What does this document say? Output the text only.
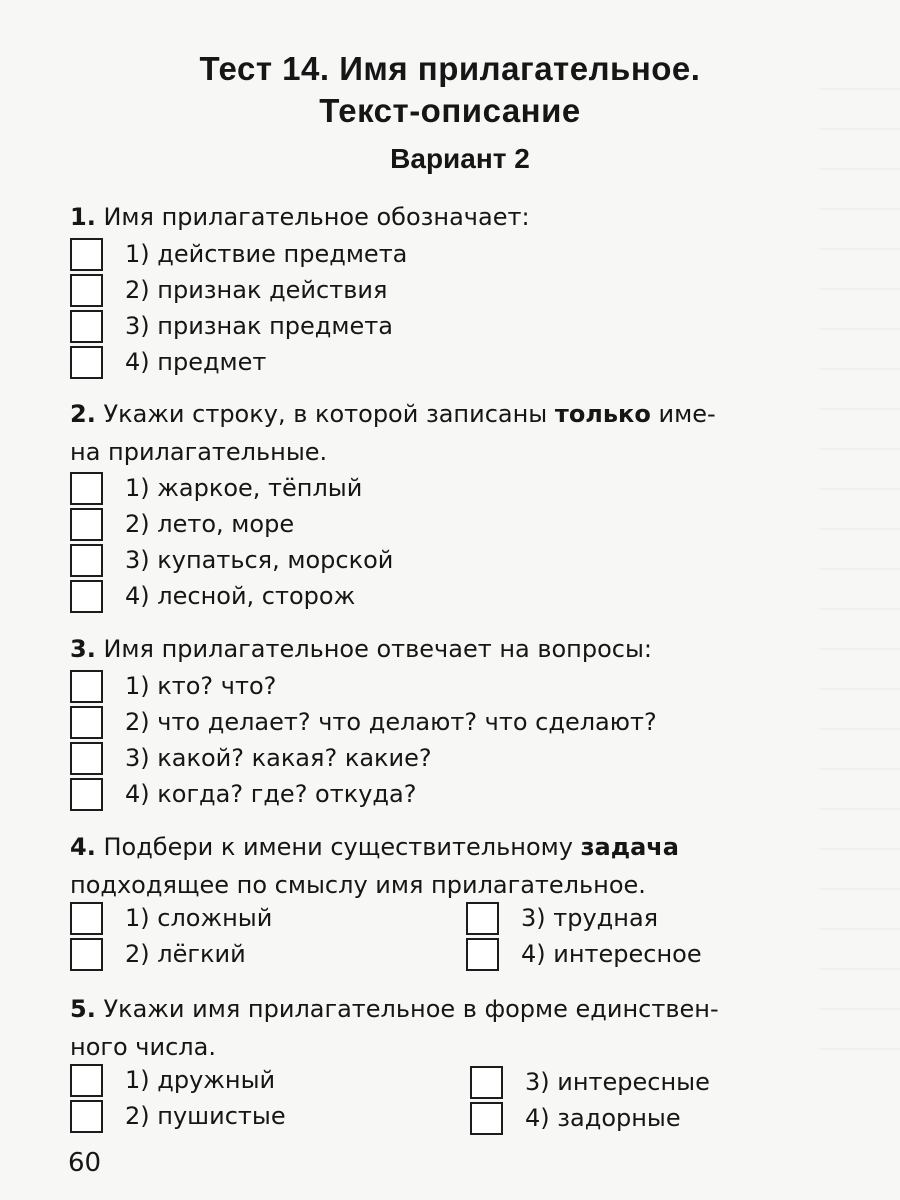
Тест 14. Имя прилагательное.
Текст-описание
Вариант 2
1. Имя прилагательное обозначает:
1) действие предмета
2) признак действия
3) признак предмета
4) предмет
2. Укажи строку, в которой записаны только име-
на прилагательные.
1) жаркое, тёплый
2) лето, море
3) купаться, морской
4) лесной, сторож
3. Имя прилагательное отвечает на вопросы:
1) кто? что?
2) что делает? что делают? что сделают?
3) какой? какая? какие?
4) когда? где? откуда?
4. Подбери к имени существительному задача
подходящее по смыслу имя прилагательное.
1) сложный
2) лёгкий
3) трудная
4) интересное
5. Укажи имя прилагательное в форме единствен-
ного числа.
1) дружный
2) пушистые
3) интересные
4) задорные
60
